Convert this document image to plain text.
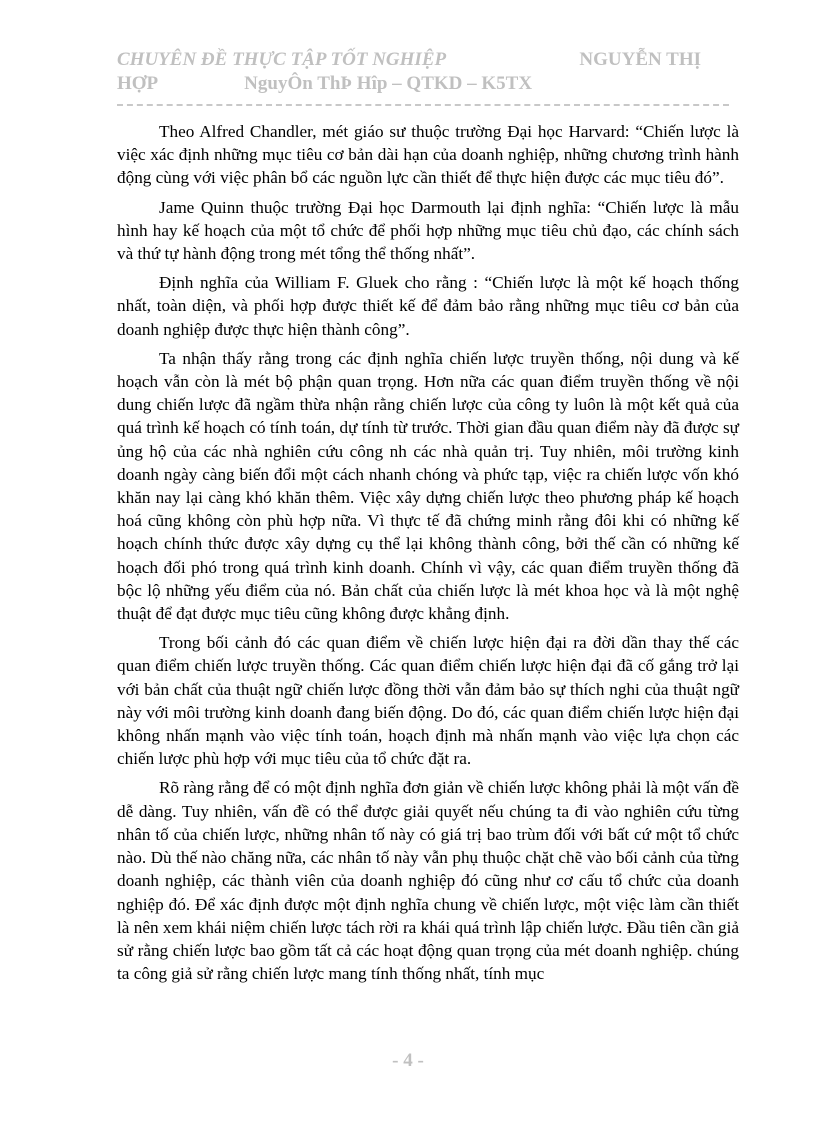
CHUYÊN ĐỀ THỰC TẬP TỐT NGHIỆP	NGUYỄN THỊ
HỢP	NguyÔn ThÞ Hîp – QTKD – K5TX

Theo Alfred Chandler, mét giáo sư thuộc trường Đại học Harvard: “Chiến lược là việc xác định những mục tiêu cơ bản dài hạn của doanh nghiệp, những chương trình hành động cùng với việc phân bổ các nguồn lực cần thiết để thực hiện được các mục tiêu đó”.

Jame Quinn thuộc trường Đại học Darmouth lại định nghĩa: “Chiến lược là mẫu hình hay kế hoạch của một tổ chức để phối hợp những mục tiêu chủ đạo, các chính sách và thứ tự hành động trong mét tổng thể thống nhất”.

Định nghĩa của William F. Gluek cho rằng : “Chiến lược là một kế hoạch thống nhất, toàn diện, và phối hợp được thiết kế để đảm bảo rằng những mục tiêu cơ bản của doanh nghiệp được thực hiện thành công”.

Ta nhận thấy rằng trong các định nghĩa chiến lược truyền thống, nội dung và kế hoạch vẫn còn là mét bộ phận quan trọng. Hơn nữa các quan điểm truyền thống về nội dung chiến lược đã ngầm thừa nhận rằng chiến lược của công ty luôn là một kết quả của quá trình kế hoạch có tính toán, dự tính từ trước. Thời gian đầu quan điểm này đã được sự ủng hộ của các nhà nghiên cứu công nh các nhà quản trị. Tuy nhiên, môi trường kinh doanh ngày càng biến đổi một cách nhanh chóng và phức tạp, việc ra chiến lược vốn khó khăn nay lại càng khó khăn thêm. Việc xây dựng chiến lược theo phương pháp kế hoạch hoá cũng không còn phù hợp nữa. Vì thực tế đã chứng minh rằng đôi khi có những kế hoạch chính thức được xây dựng cụ thể lại không thành công, bởi thế cần có những kế hoạch đối phó trong quá trình kinh doanh. Chính vì vậy, các quan điểm truyền thống đã bộc lộ những yếu điểm của nó. Bản chất của chiến lược là mét khoa học và là một nghệ thuật để đạt được mục tiêu cũng không được khẳng định.

Trong bối cảnh đó các quan điểm về chiến lược hiện đại ra đời dần thay thế các quan điểm chiến lược truyền thống. Các quan điểm chiến lược hiện đại đã cố gắng trở lại với bản chất của thuật ngữ chiến lược đồng thời vẫn đảm bảo sự thích nghi của thuật ngữ này với môi trường kinh doanh đang biến động. Do đó, các quan điểm chiến lược hiện đại không nhấn mạnh vào việc tính toán, hoạch định mà nhấn mạnh vào việc lựa chọn các chiến lược phù hợp với mục tiêu của tổ chức đặt ra.

Rõ ràng rằng để có một định nghĩa đơn giản về chiến lược không phải là một vấn đề dễ dàng. Tuy nhiên, vấn đề có thể được giải quyết nếu chúng ta đi vào nghiên cứu từng nhân tố của chiến lược, những nhân tố này có giá trị bao trùm đối với bất cứ một tổ chức nào. Dù thế nào chăng nữa, các nhân tố này vẫn phụ thuộc chặt chẽ vào bối cảnh của từng doanh nghiệp, các thành viên của doanh nghiệp đó cũng như cơ cấu tổ chức của doanh nghiệp đó. Để xác định được một định nghĩa chung về chiến lược, một việc làm cần thiết là nên xem khái niệm chiến lược tách rời ra khái quá trình lập chiến lược. Đầu tiên cần giả sử rằng chiến lược bao gồm tất cả các hoạt động quan trọng của mét doanh nghiệp. chúng ta công giả sử rằng chiến lược mang tính thống nhất, tính mục

- 4 -
